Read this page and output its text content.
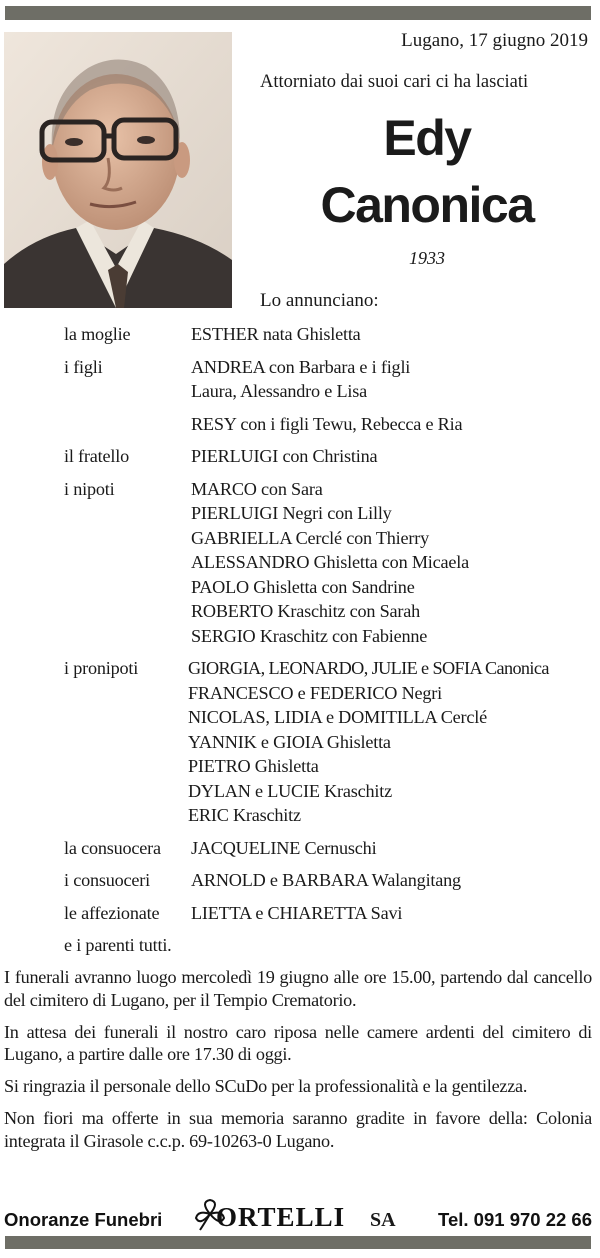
Lugano, 17 giugno 2019
Attorniato dai suoi cari ci ha lasciati
Edy
Canonica
1933
Lo annunciano:
la moglie	ESTHER nata Ghisletta
i figli	ANDREA con Barbara e i figli
Laura, Alessandro e Lisa
RESY con i figli Tewu, Rebecca e Ria
il fratello	PIERLUIGI con Christina
i nipoti	MARCO con Sara
PIERLUIGI Negri con Lilly
GABRIELLA Cerclé con Thierry
ALESSANDRO Ghisletta con Micaela
PAOLO Ghisletta con Sandrine
ROBERTO Kraschitz con Sarah
SERGIO Kraschitz con Fabienne
i pronipoti	GIORGIA, LEONARDO, JULIE e SOFIA Canonica
FRANCESCO e FEDERICO Negri
NICOLAS, LIDIA e DOMITILLA Cerclé
YANNIK e GIOIA Ghisletta
PIETRO Ghisletta
DYLAN e LUCIE Kraschitz
ERIC Kraschitz
la consuocera	JACQUELINE Cernuschi
i consuoceri	ARNOLD e BARBARA Walangitang
le affezionate	LIETTA e CHIARETTA Savi
e i parenti tutti.

I funerali avranno luogo mercoledì 19 giugno alle ore 15.00, partendo dal cancello del cimitero di Lugano, per il Tempio Crematorio.

In attesa dei funerali il nostro caro riposa nelle camere ardenti del cimitero di Lugano, a partire dalle ore 17.30 di oggi.

Si ringrazia il personale dello SCuDo per la professionalità e la gentilezza.

Non fiori ma offerte in sua memoria saranno gradite in favore della: Colonia integrata il Girasole c.c.p. 69-10263-0 Lugano.

Onoranze Funebri ORTELLI SA Tel. 091 970 22 66
